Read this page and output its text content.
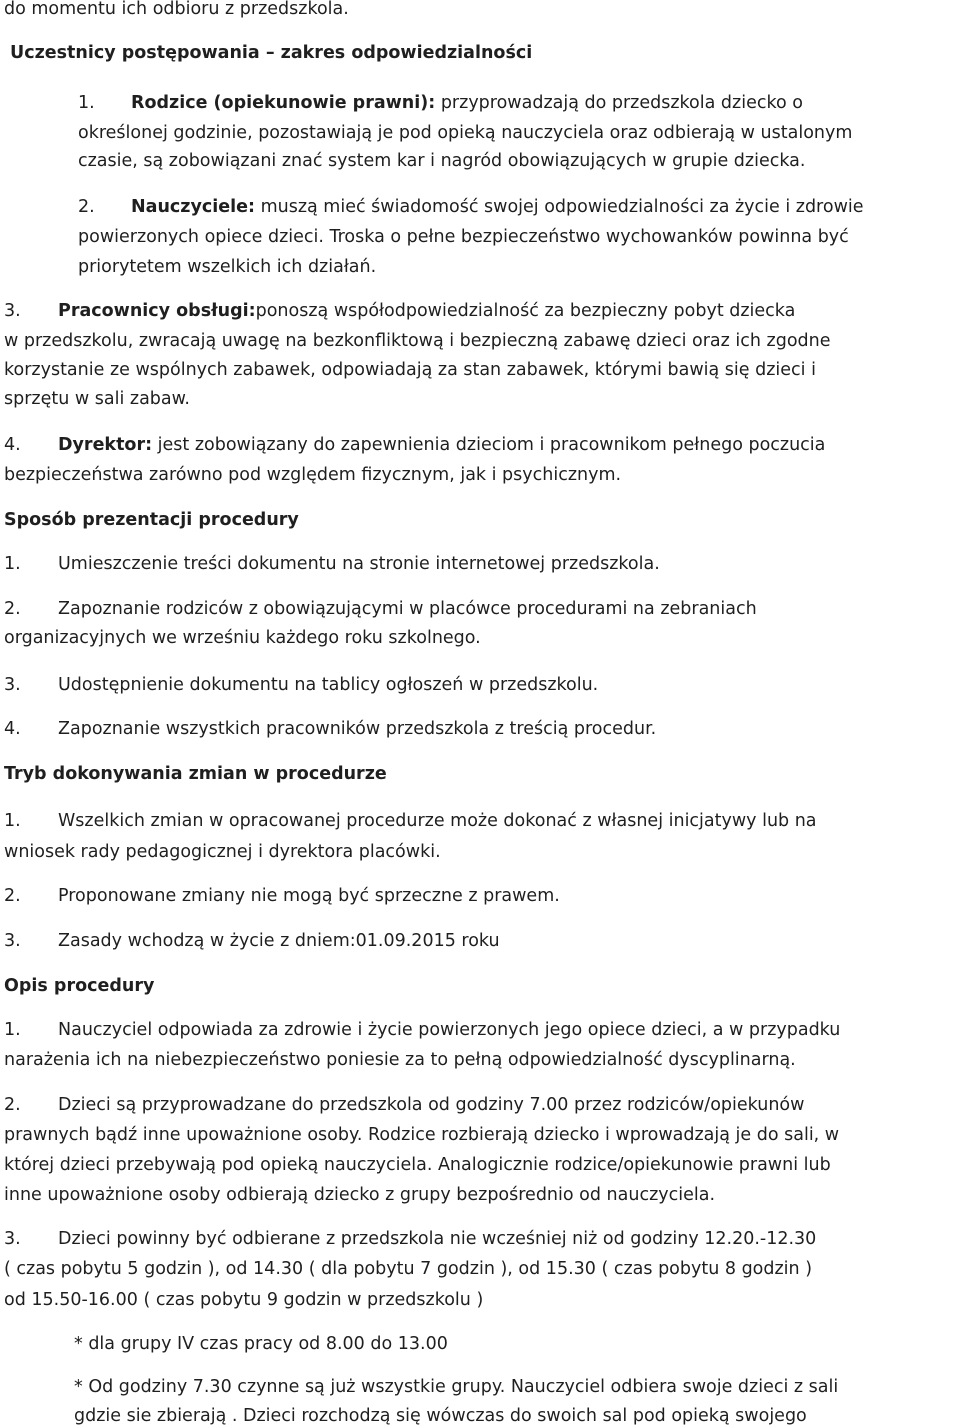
do momentu ich odbioru z przedszkola.
Uczestnicy postępowania – zakres odpowiedzialności
1. Rodzice (opiekunowie prawni): przyprowadzają do przedszkola dziecko o
określonej godzinie, pozostawiają je pod opieką nauczyciela oraz odbierają w ustalonym
czasie, są zobowiązani znać system kar i nagród obowiązujących w grupie dziecka.
2. Nauczyciele: muszą mieć świadomość swojej odpowiedzialności za życie i zdrowie
powierzonych opiece dzieci. Troska o pełne bezpieczeństwo wychowanków powinna być
priorytetem wszelkich ich działań.
3. Pracownicy obsługi:ponoszą współodpowiedzialność za bezpieczny pobyt dziecka
w przedszkolu, zwracają uwagę na bezkonfliktową i bezpieczną zabawę dzieci oraz ich zgodne
korzystanie ze wspólnych zabawek, odpowiadają za stan zabawek, którymi bawią się dzieci i
sprzętu w sali zabaw.
4. Dyrektor: jest zobowiązany do zapewnienia dzieciom i pracownikom pełnego poczucia
bezpieczeństwa zarówno pod względem fizycznym, jak i psychicznym.
Sposób prezentacji procedury
1. Umieszczenie treści dokumentu na stronie internetowej przedszkola.
2. Zapoznanie rodziców z obowiązującymi w placówce procedurami na zebraniach
organizacyjnych we wrześniu każdego roku szkolnego.
3. Udostępnienie dokumentu na tablicy ogłoszeń w przedszkolu.
4. Zapoznanie wszystkich pracowników przedszkola z treścią procedur.
Tryb dokonywania zmian w procedurze
1. Wszelkich zmian w opracowanej procedurze może dokonać z własnej inicjatywy lub na
wniosek rady pedagogicznej i dyrektora placówki.
2. Proponowane zmiany nie mogą być sprzeczne z prawem.
3. Zasady wchodzą w życie z dniem:01.09.2015 roku
Opis procedury
1. Nauczyciel odpowiada za zdrowie i życie powierzonych jego opiece dzieci, a w przypadku
narażenia ich na niebezpieczeństwo poniesie za to pełną odpowiedzialność dyscyplinarną.
2. Dzieci są przyprowadzane do przedszkola od godziny 7.00 przez rodziców/opiekunów
prawnych bądź inne upoważnione osoby. Rodzice rozbierają dziecko i wprowadzają je do sali, w
której dzieci przebywają pod opieką nauczyciela. Analogicznie rodzice/opiekunowie prawni lub
inne upoważnione osoby odbierają dziecko z grupy bezpośrednio od nauczyciela.
3. Dzieci powinny być odbierane z przedszkola nie wcześniej niż od godziny 12.20.-12.30
( czas pobytu 5 godzin ), od 14.30 ( dla pobytu 7 godzin ), od 15.30 ( czas pobytu 8 godzin )
od 15.50-16.00 ( czas pobytu 9 godzin w przedszkolu )
* dla grupy IV czas pracy od 8.00 do 13.00
* Od godziny 7.30 czynne są już wszystkie grupy. Nauczyciel odbiera swoje dzieci z sali
gdzie sie zbierają . Dzieci rozchodzą się wówczas do swoich sal pod opieką swojego
